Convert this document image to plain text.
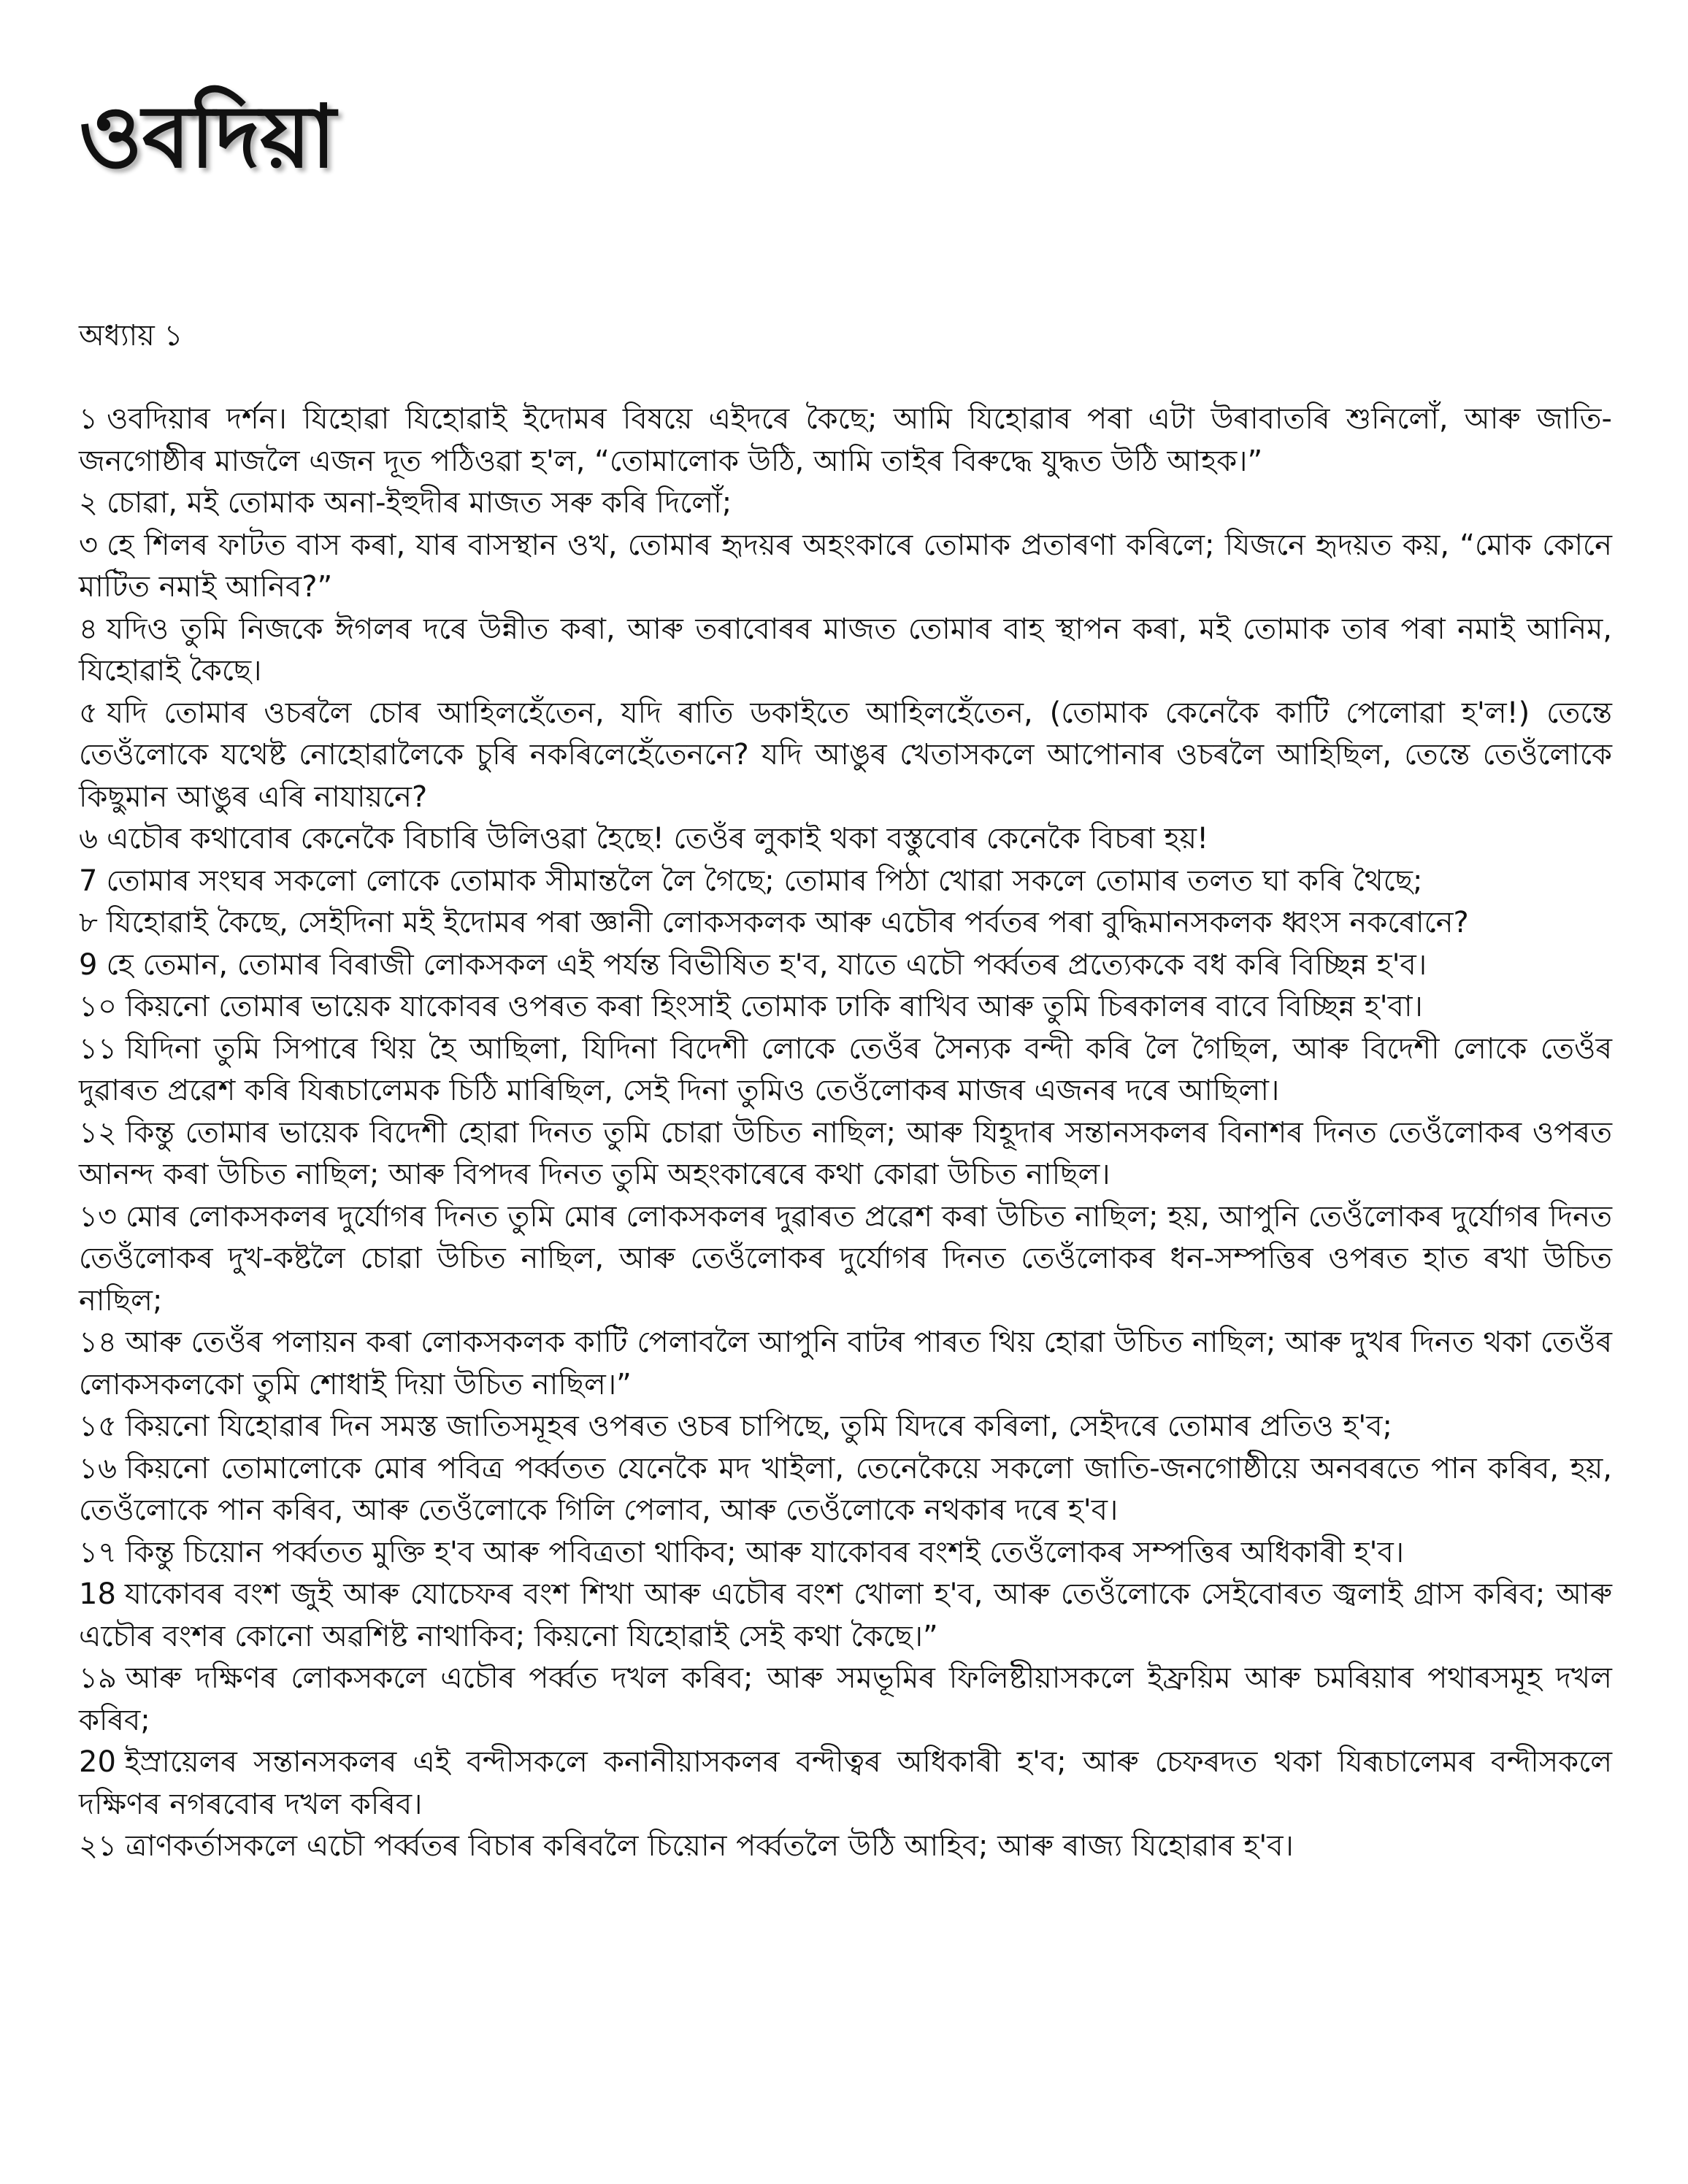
ওবদিয়া
অধ্যায় ১

১ ওবদিয়াৰ দৰ্শন। যিহোৱা যিহোৱাই ইদোমৰ বিষয়ে এইদৰে কৈছে; আমি যিহোৱাৰ পৰা এটা উৰাবাতৰি শুনিলোঁ, আৰু জাতি-জনগোষ্ঠীৰ মাজলৈ এজন দূত পঠিওৱা হ'ল, “তোমালোক উঠি, আমি তাইৰ বিৰুদ্ধে যুদ্ধত উঠি আহক।”

২ চোৱা, মই তোমাক অনা-ইহুদীৰ মাজত সৰু কৰি দিলোঁ;

৩ হে শিলৰ ফাটত বাস কৰা, যাৰ বাসস্থান ওখ, তোমাৰ হৃদয়ৰ অহংকাৰে তোমাক প্ৰতাৰণা কৰিলে; যিজনে হৃদয়ত কয়, “মোক কোনে মাটিত নমাই আনিব?”

৪ যদিও তুমি নিজকে ঈগলৰ দৰে উন্নীত কৰা, আৰু তৰাবোৰৰ মাজত তোমাৰ বাহ স্থাপন কৰা, মই তোমাক তাৰ পৰা নমাই আনিম, যিহোৱাই কৈছে।

৫ যদি তোমাৰ ওচৰলৈ চোৰ আহিলহেঁতেন, যদি ৰাতি ডকাইতে আহিলহেঁতেন, (তোমাক কেনেকৈ কাটি পেলোৱা হ'ল!) তেন্তে তেওঁলোকে যথেষ্ট নোহোৱালৈকে চুৰি নকৰিলেহেঁতেননে? যদি আঙুৰ খেতাসকলে আপোনাৰ ওচৰলৈ আহিছিল, তেন্তে তেওঁলোকে কিছুমান আঙুৰ এৰি নাযায়নে?

৬ এচৌৰ কথাবোৰ কেনেকৈ বিচাৰি উলিওৱা হৈছে! তেওঁৰ লুকাই থকা বস্তুবোৰ কেনেকৈ বিচৰা হয়!

7 তোমাৰ সংঘৰ সকলো লোকে তোমাক সীমান্তলৈ লৈ গৈছে; তোমাৰ পিঠা খোৱা সকলে তোমাৰ তলত ঘা কৰি থৈছে;

৮ যিহোৱাই কৈছে, সেইদিনা মই ইদোমৰ পৰা জ্ঞানী লোকসকলক আৰু এচৌৰ পৰ্বতৰ পৰা বুদ্ধিমানসকলক ধ্বংস নকৰোনে?

9 হে তেমান, তোমাৰ বিৰাজী লোকসকল এই পৰ্যন্ত বিভীষিত হ'ব, যাতে এচৌ পৰ্ব্বতৰ প্ৰত্যেককে বধ কৰি বিচ্ছিন্ন হ'ব।

১০ কিয়নো তোমাৰ ভায়েক যাকোবৰ ওপৰত কৰা হিংসাই তোমাক ঢাকি ৰাখিব আৰু তুমি চিৰকালৰ বাবে বিচ্ছিন্ন হ'বা।

১১ যিদিনা তুমি সিপাৰে থিয় হৈ আছিলা, যিদিনা বিদেশী লোকে তেওঁৰ সৈন্যক বন্দী কৰি লৈ গৈছিল, আৰু বিদেশী লোকে তেওঁৰ দুৱাৰত প্ৰৱেশ কৰি যিৰূচালেমক চিঠি মাৰিছিল, সেই দিনা তুমিও তেওঁলোকৰ মাজৰ এজনৰ দৰে আছিলা।

১২ কিন্তু তোমাৰ ভায়েক বিদেশী হোৱা দিনত তুমি চোৱা উচিত নাছিল; আৰু যিহূদাৰ সন্তানসকলৰ বিনাশৰ দিনত তেওঁলোকৰ ওপৰত আনন্দ কৰা উচিত নাছিল; আৰু বিপদৰ দিনত তুমি অহংকাৰেৰে কথা কোৱা উচিত নাছিল।

১৩ মোৰ লোকসকলৰ দুৰ্যোগৰ দিনত তুমি মোৰ লোকসকলৰ দুৱাৰত প্ৰৱেশ কৰা উচিত নাছিল; হয়, আপুনি তেওঁলোকৰ দুৰ্যোগৰ দিনত তেওঁলোকৰ দুখ-কষ্টলৈ চোৱা উচিত নাছিল, আৰু তেওঁলোকৰ দুৰ্যোগৰ দিনত তেওঁলোকৰ ধন-সম্পত্তিৰ ওপৰত হাত ৰখা উচিত নাছিল;

১৪ আৰু তেওঁৰ পলায়ন কৰা লোকসকলক কাটি পেলাবলৈ আপুনি বাটৰ পাৰত থিয় হোৱা উচিত নাছিল; আৰু দুখৰ দিনত থকা তেওঁৰ লোকসকলকো তুমি শোধাই দিয়া উচিত নাছিল।”

১৫ কিয়নো যিহোৱাৰ দিন সমস্ত জাতিসমূহৰ ওপৰত ওচৰ চাপিছে, তুমি যিদৰে কৰিলা, সেইদৰে তোমাৰ প্ৰতিও হ'ব;

১৬ কিয়নো তোমালোকে মোৰ পবিত্ৰ পৰ্ব্বতত যেনেকৈ মদ খাইলা, তেনেকৈয়ে সকলো জাতি-জনগোষ্ঠীয়ে অনবৰতে পান কৰিব, হয়, তেওঁলোকে পান কৰিব, আৰু তেওঁলোকে গিলি পেলাব, আৰু তেওঁলোকে নথকাৰ দৰে হ'ব।

১৭ কিন্তু চিয়োন পৰ্ব্বতত মুক্তি হ'ব আৰু পবিত্ৰতা থাকিব; আৰু যাকোবৰ বংশই তেওঁলোকৰ সম্পত্তিৰ অধিকাৰী হ'ব।

18 যাকোবৰ বংশ জুই আৰু যোচেফৰ বংশ শিখা আৰু এচৌৰ বংশ খোলা হ'ব, আৰু তেওঁলোকে সেইবোৰত জ্বলাই গ্ৰাস কৰিব; আৰু এচৌৰ বংশৰ কোনো অৱশিষ্ট নাথাকিব; কিয়নো যিহোৱাই সেই কথা কৈছে।”

১৯ আৰু দক্ষিণৰ লোকসকলে এচৌৰ পৰ্ব্বত দখল কৰিব; আৰু সমভূমিৰ ফিলিষ্টীয়াসকলে ইফ্ৰয়িম আৰু চমৰিয়াৰ পথাৰসমূহ দখল কৰিব;

20 ইস্ৰায়েলৰ সন্তানসকলৰ এই বন্দীসকলে কনানীয়াসকলৰ বন্দীত্বৰ অধিকাৰী হ'ব; আৰু চেফৰদত থকা যিৰূচালেমৰ বন্দীসকলে দক্ষিণৰ নগৰবোৰ দখল কৰিব।

২১ ত্ৰাণকৰ্তাসকলে এচৌ পৰ্ব্বতৰ বিচাৰ কৰিবলৈ চিয়োন পৰ্ব্বতলৈ উঠি আহিব; আৰু ৰাজ্য যিহোৱাৰ হ'ব।
